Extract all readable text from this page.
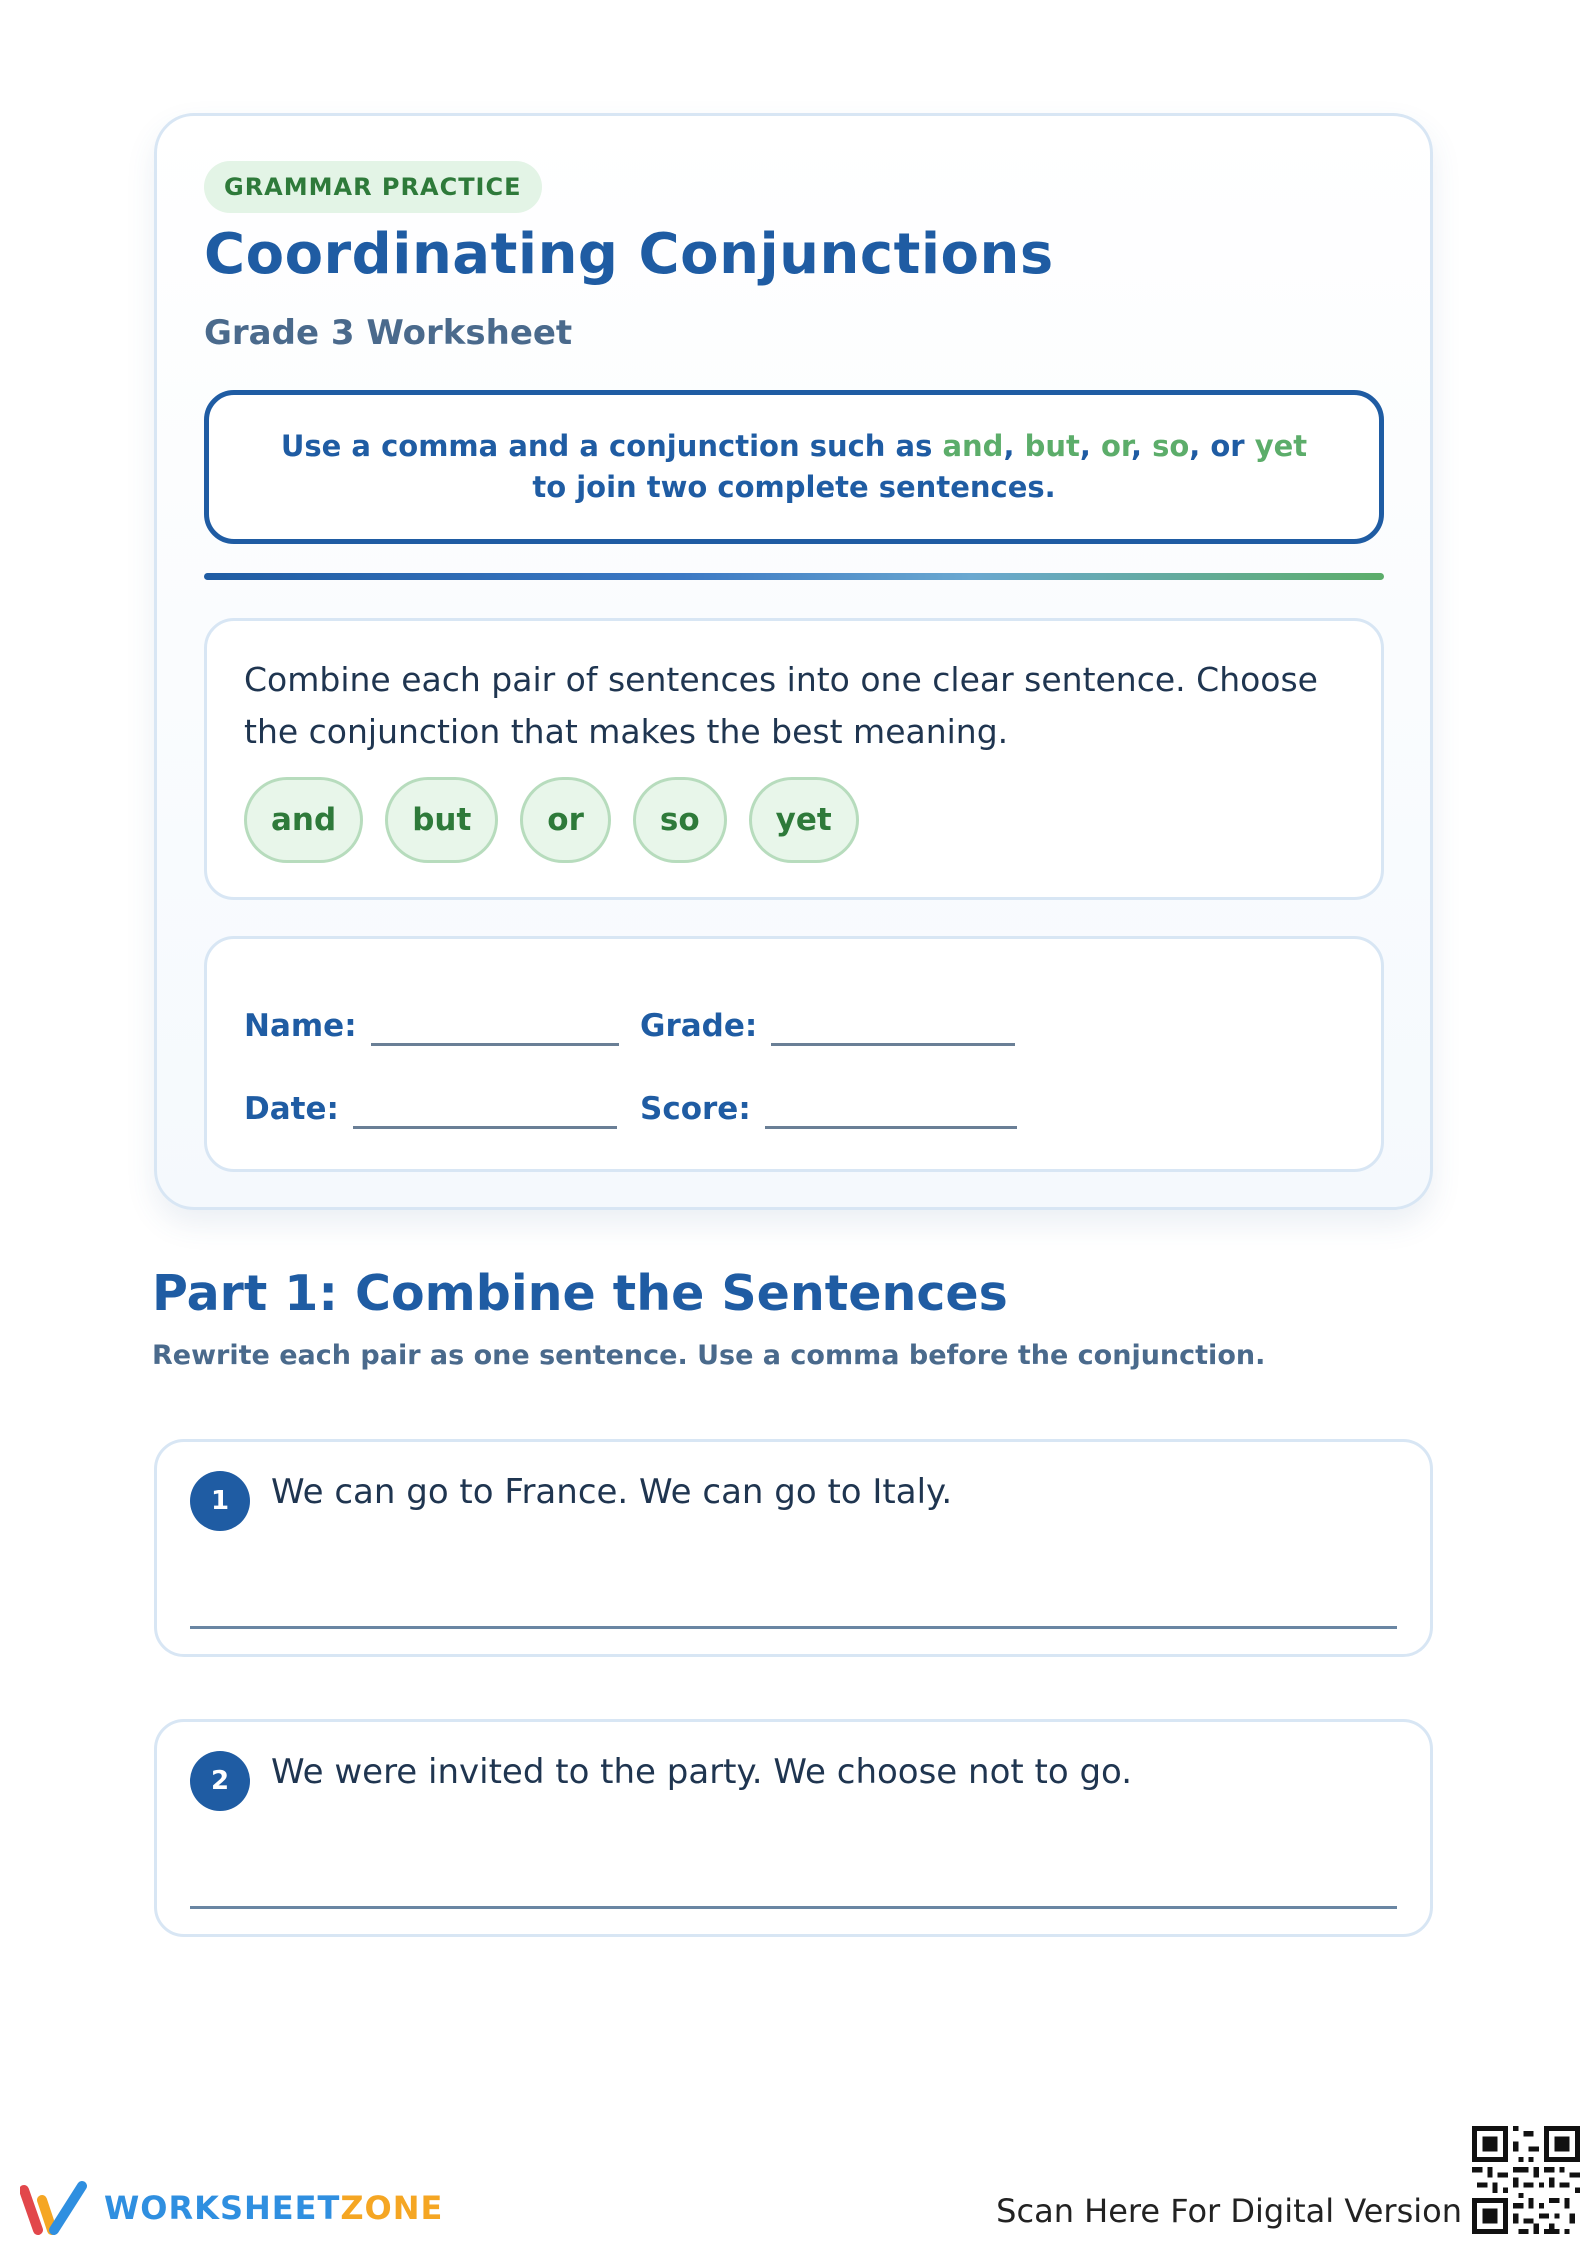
GRAMMAR PRACTICE
Coordinating Conjunctions
Grade 3 Worksheet
Use a comma and a conjunction such as and, but, or, so, or yet to join two complete sentences.
Combine each pair of sentences into one clear sentence. Choose the conjunction that makes the best meaning.
and	but	or	so	yet
Name:	Grade:
Date:	Score:
Part 1: Combine the Sentences
Rewrite each pair as one sentence. Use a comma before the conjunction.
1	We can go to France. We can go to Italy.
2	We were invited to the party. We choose not to go.
WORKSHEETZONE	Scan Here For Digital Version
